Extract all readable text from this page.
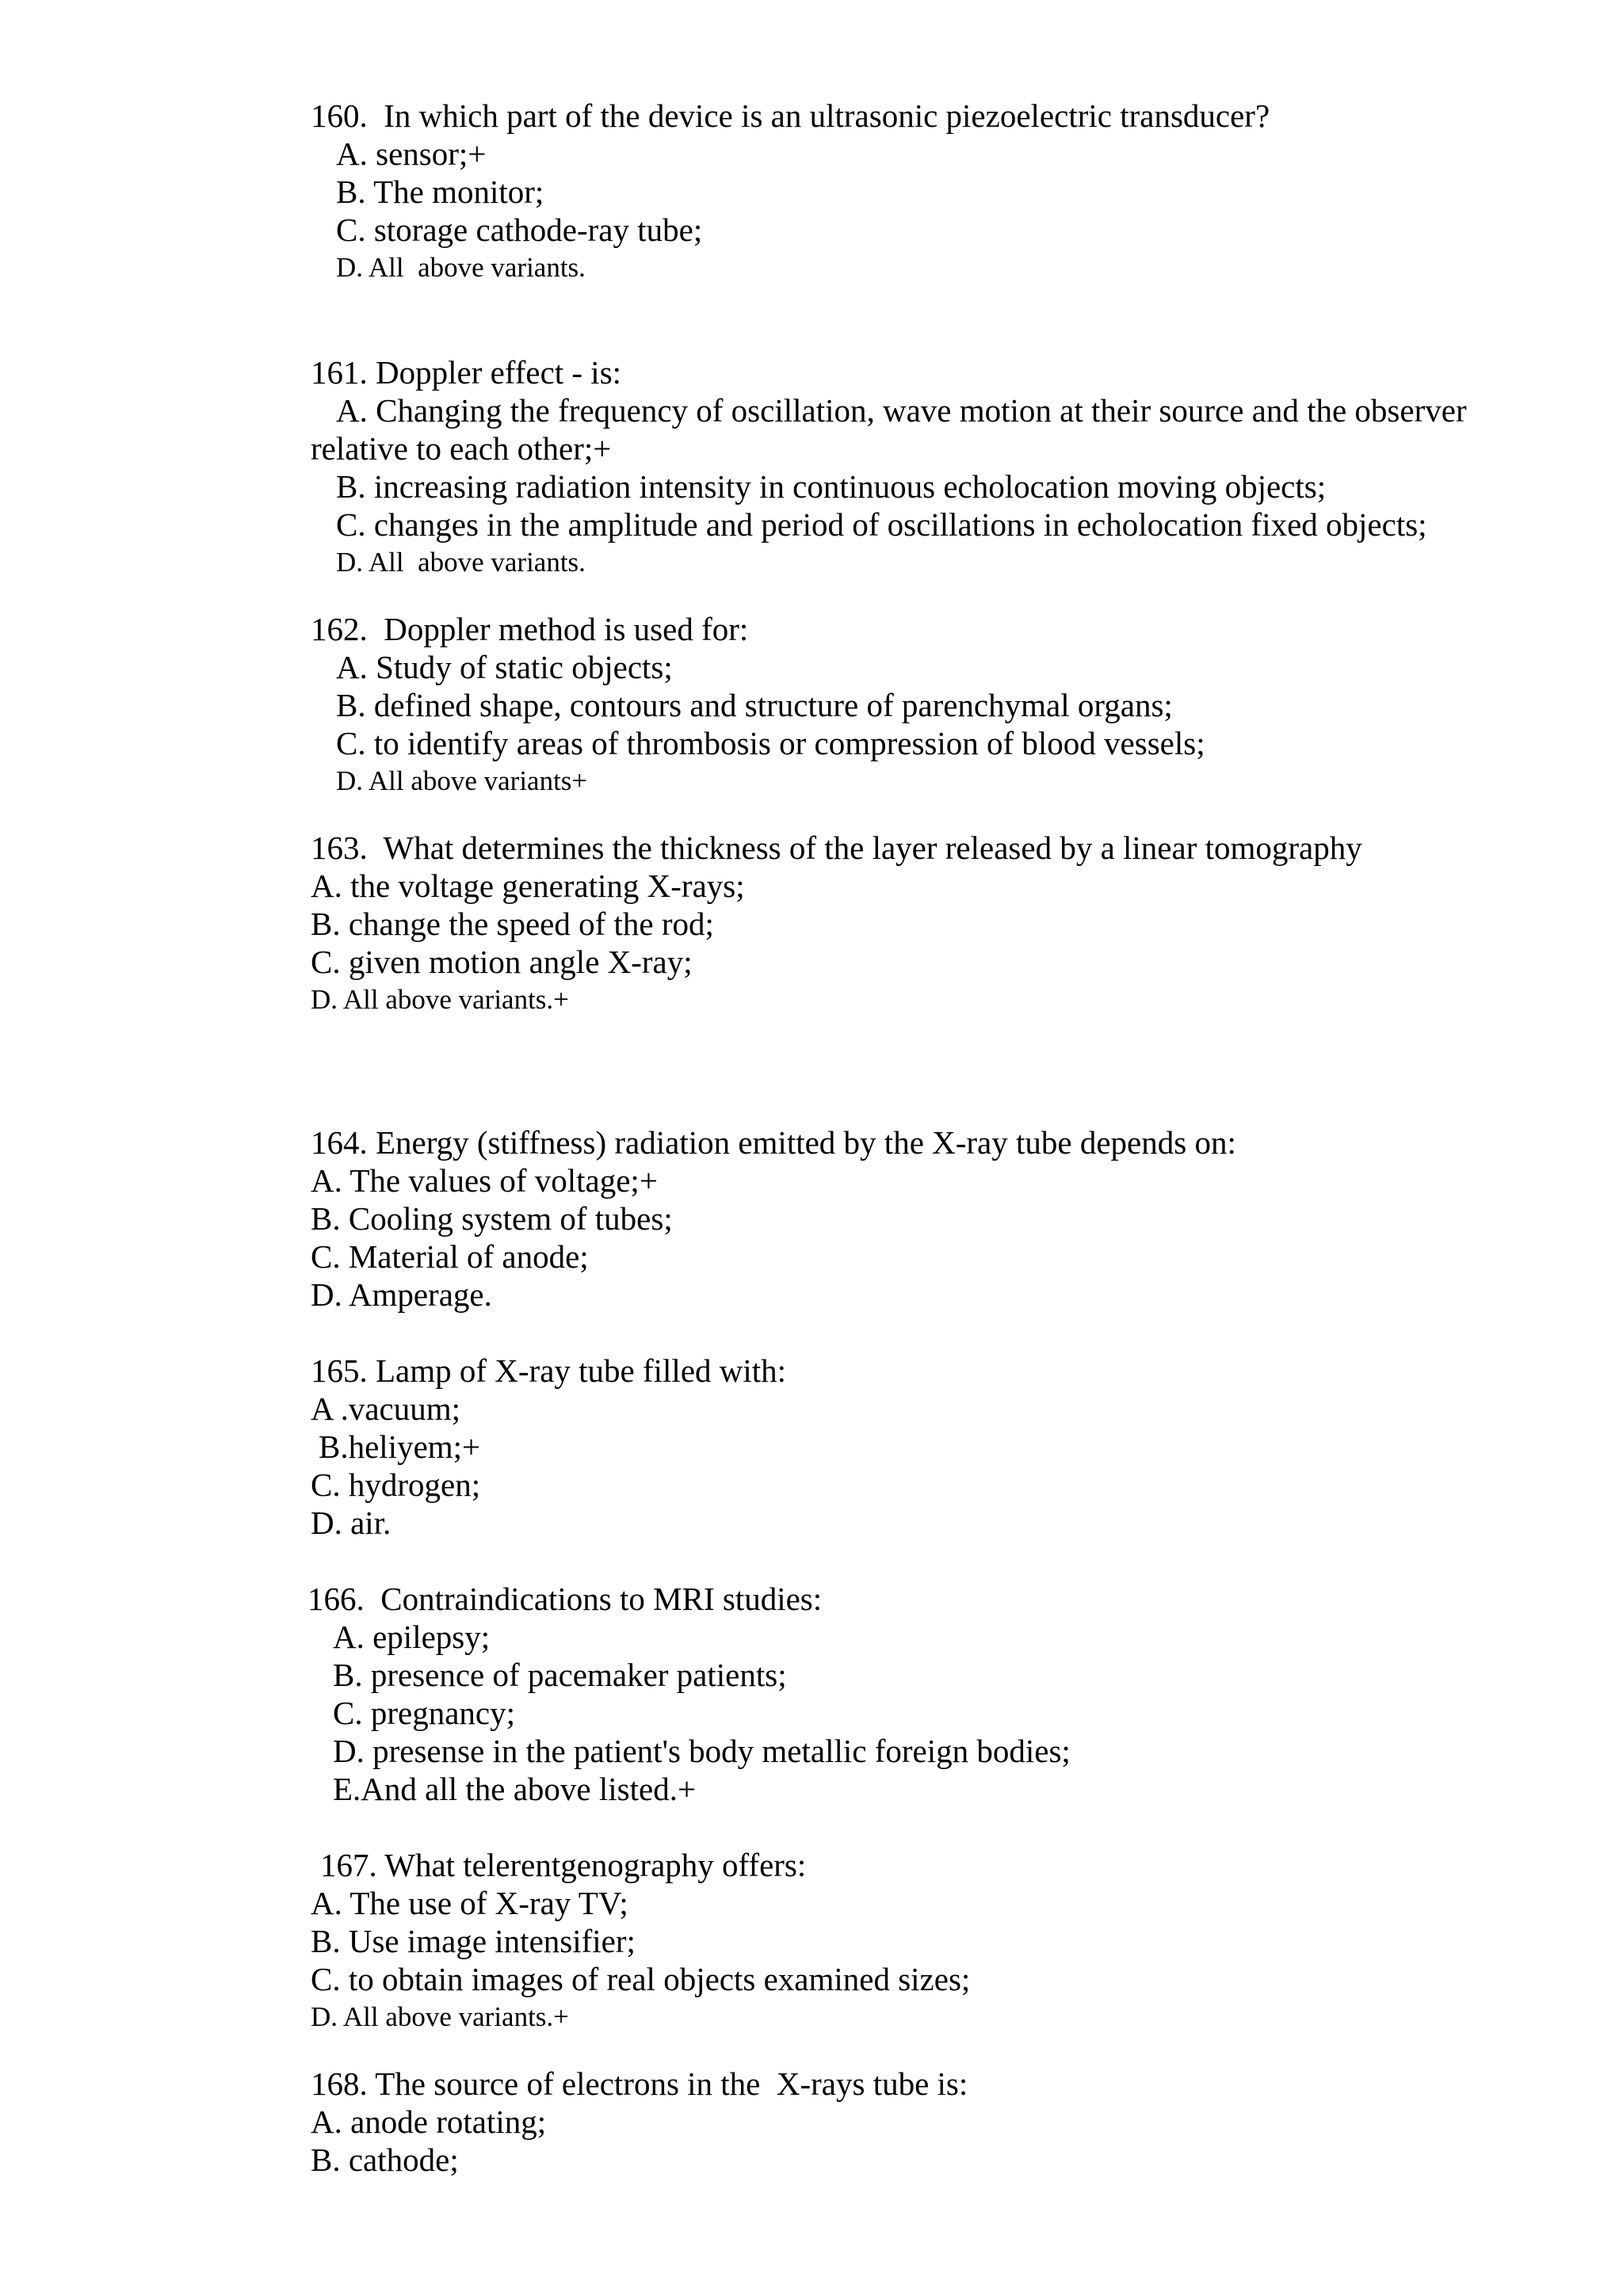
160.  In which part of the device is an ultrasonic piezoelectric transducer?

A. sensor;+

B. The monitor;

C. storage cathode-ray tube;

D. All  above variants.

161. Doppler effect - is:

A. Changing the frequency of oscillation, wave motion at their source and the observer

relative to each other;+

B. increasing radiation intensity in continuous echolocation moving objects;

C. changes in the amplitude and period of oscillations in echolocation fixed objects;

D. All  above variants.

162.  Doppler method is used for:

A. Study of static objects;

B. defined shape, contours and structure of parenchymal organs;

C. to identify areas of thrombosis or compression of blood vessels;

D. All above variants+

163.  What determines the thickness of the layer released by a linear tomography

A. the voltage generating X-rays;

B. change the speed of the rod;

C. given motion angle X-ray;

D. All above variants.+

164. Energy (stiffness) radiation emitted by the X-ray tube depends on:

A. The values of voltage;+

B. Cooling system of tubes;

C. Material of anode;

D. Amperage.

165. Lamp of X-ray tube filled with:

A .vacuum;

B.heliyem;+

C. hydrogen;

D. air.

166.  Contraindications to MRI studies:

A. epilepsy;

B. presence of pacemaker patients;

C. pregnancy;

D. presense in the patient's body metallic foreign bodies;

E.And all the above listed.+

167. What telerentgenography offers:

A. The use of X-ray TV;

B. Use image intensifier;

C. to obtain images of real objects examined sizes;

D. All above variants.+

168. The source of electrons in the  X-rays tube is:

A. anode rotating;

B. cathode;
